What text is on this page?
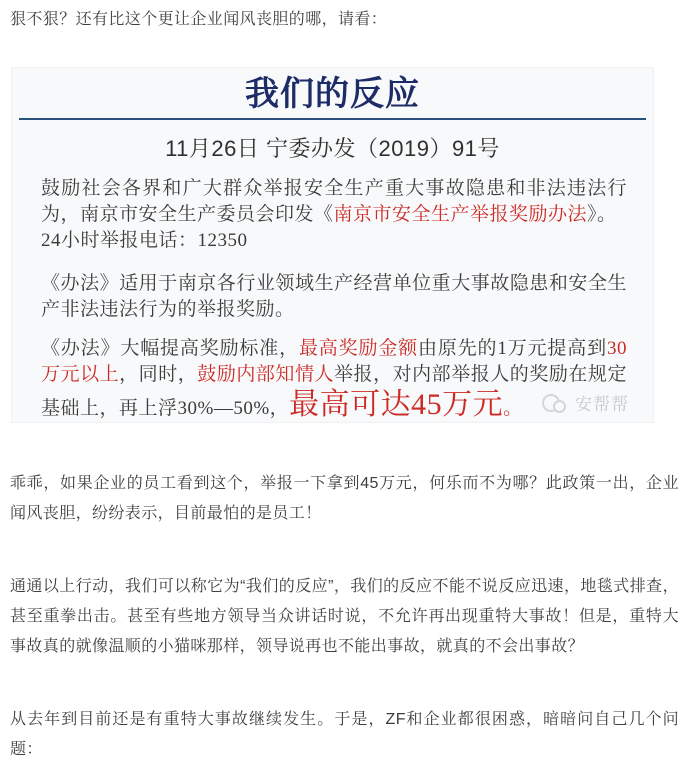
狠不狠？还有比这个更让企业闻风丧胆的哪，请看：

我们的反应
11月26日 宁委办发（2019）91号

鼓励社会各界和广大群众举报安全生产重大事故隐患和非法违法行为，南京市安全生产委员会印发《南京市安全生产举报奖励办法》。

24小时举报电话：12350

《办法》适用于南京各行业领域生产经营单位重大事故隐患和安全生产非法违法行为的举报奖励。

《办法》大幅提高奖励标准，最高奖励金额由原先的1万元提高到30万元以上，同时，鼓励内部知情人举报，对内部举报人的奖励在规定基础上，再上浮30%—50%，最高可达45万元。	安帮帮

乖乖，如果企业的员工看到这个，举报一下拿到45万元，何乐而不为哪？此政策一出，企业闻风丧胆，纷纷表示，目前最怕的是员工！

通通以上行动，我们可以称它为“我们的反应”，我们的反应不能不说反应迅速，地毯式排查，甚至重拳出击。甚至有些地方领导当众讲话时说，不允许再出现重特大事故！但是，重特大事故真的就像温顺的小猫咪那样，领导说再也不能出事故，就真的不会出事故？

从去年到目前还是有重特大事故继续发生。于是，ZF和企业都很困惑，暗暗问自己几个问题：
